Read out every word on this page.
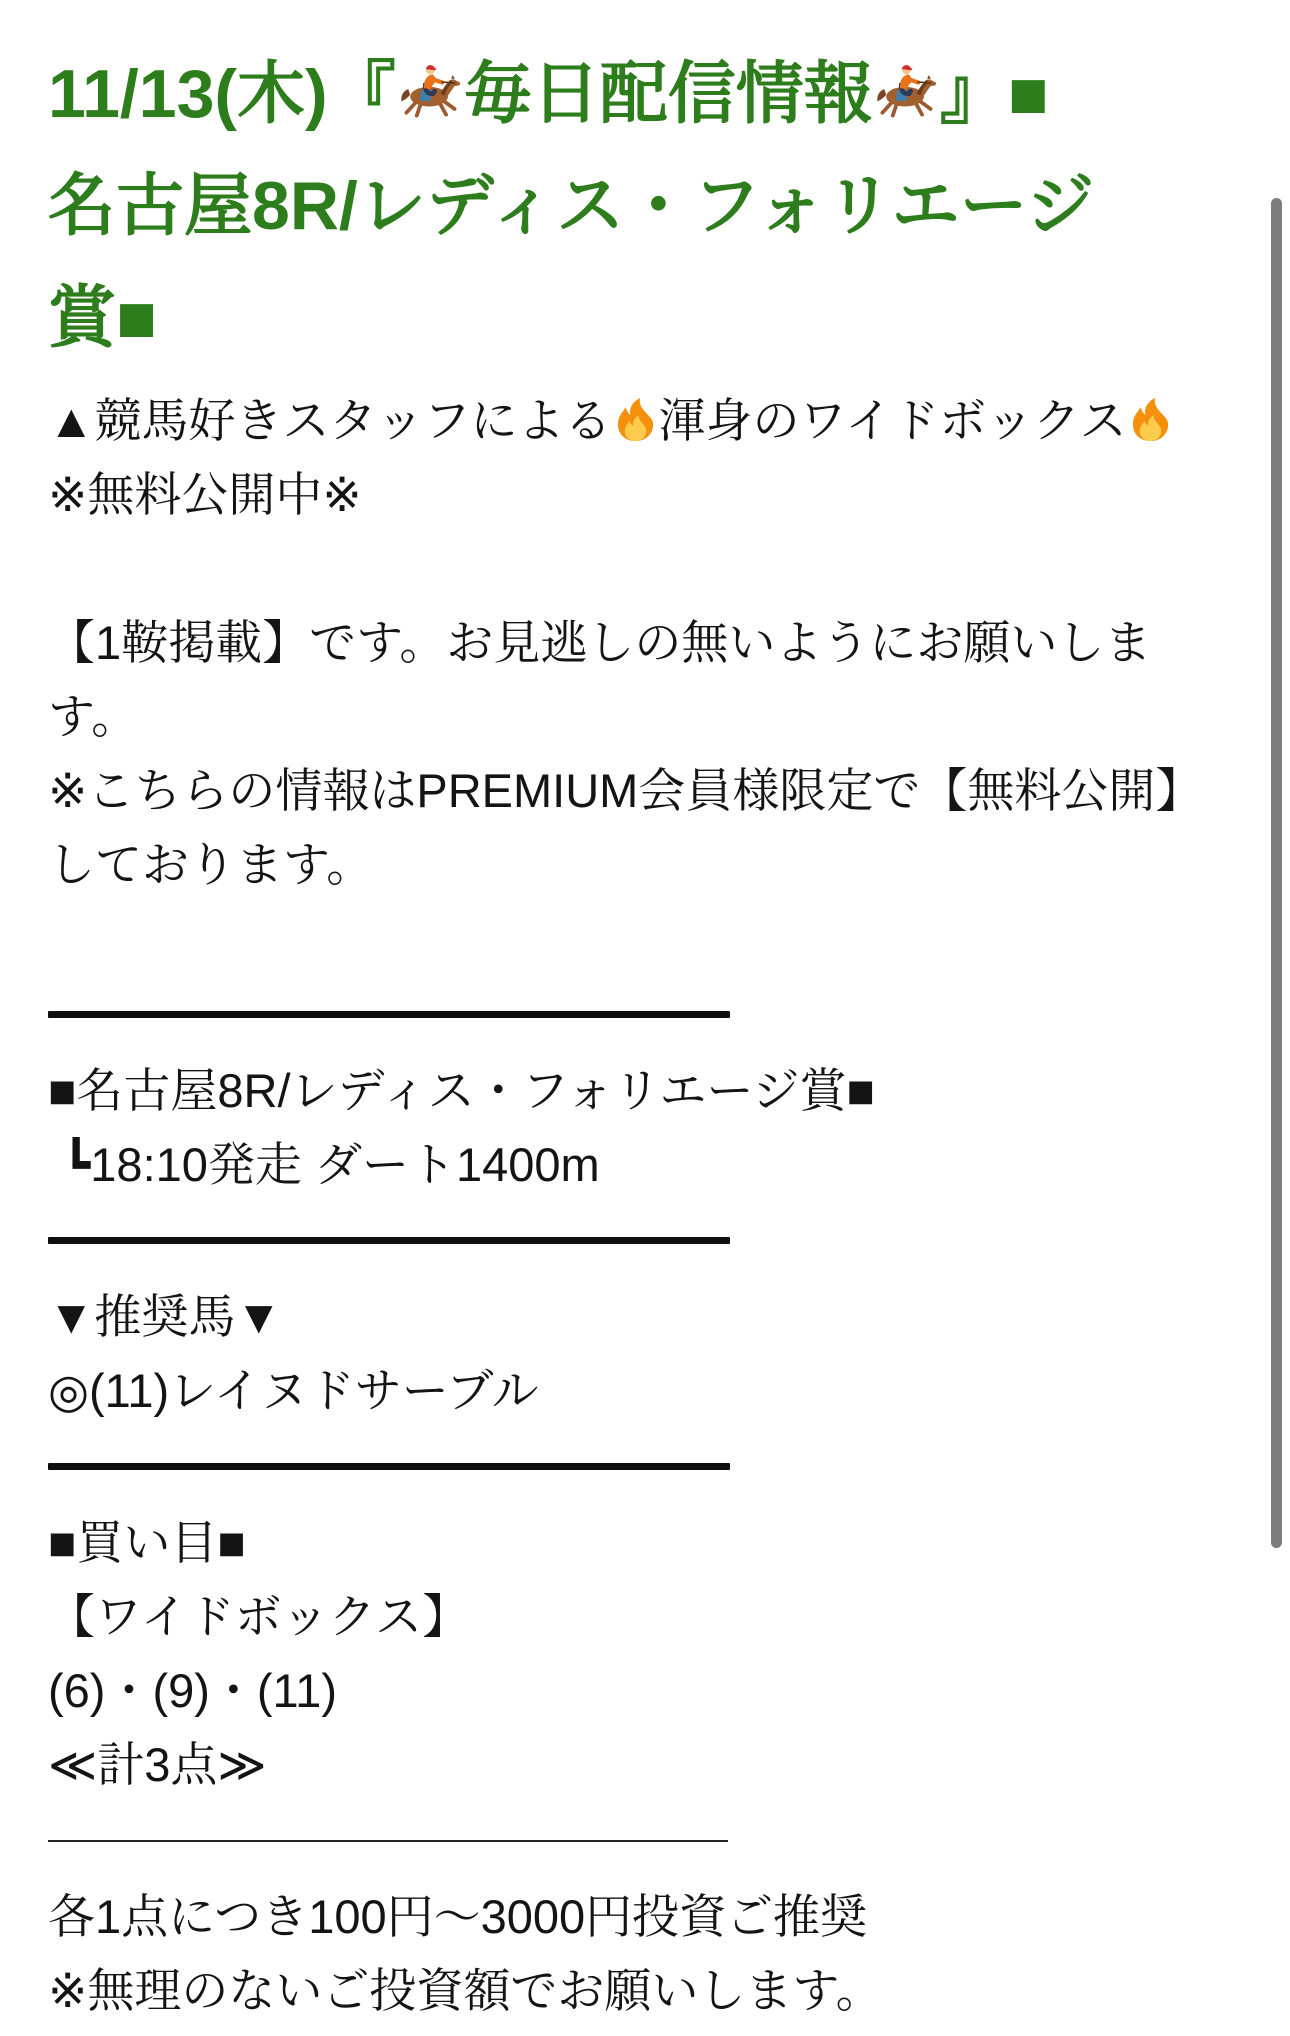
11/13(木)『 毎日配信情報 』■
名古屋8R/レディス・フォリエージ
賞■
▲競馬好きスタッフによる 渾身のワイドボックス
※無料公開中※
【1鞍掲載】です。お見逃しの無いようにお願いしま
す。
※こちらの情報はPREMIUM会員様限定で【無料公開】
しております。
■名古屋8R/レディス・フォリエージ賞■
┗18:10発走 ダート1400m
▼推奨馬▼
◎(11)レイヌドサーブル
■買い目■
【ワイドボックス】
(6)・(9)・(11)
≪計3点≫
各1点につき100円〜3000円投資ご推奨
※無理のないご投資額でお願いします。
